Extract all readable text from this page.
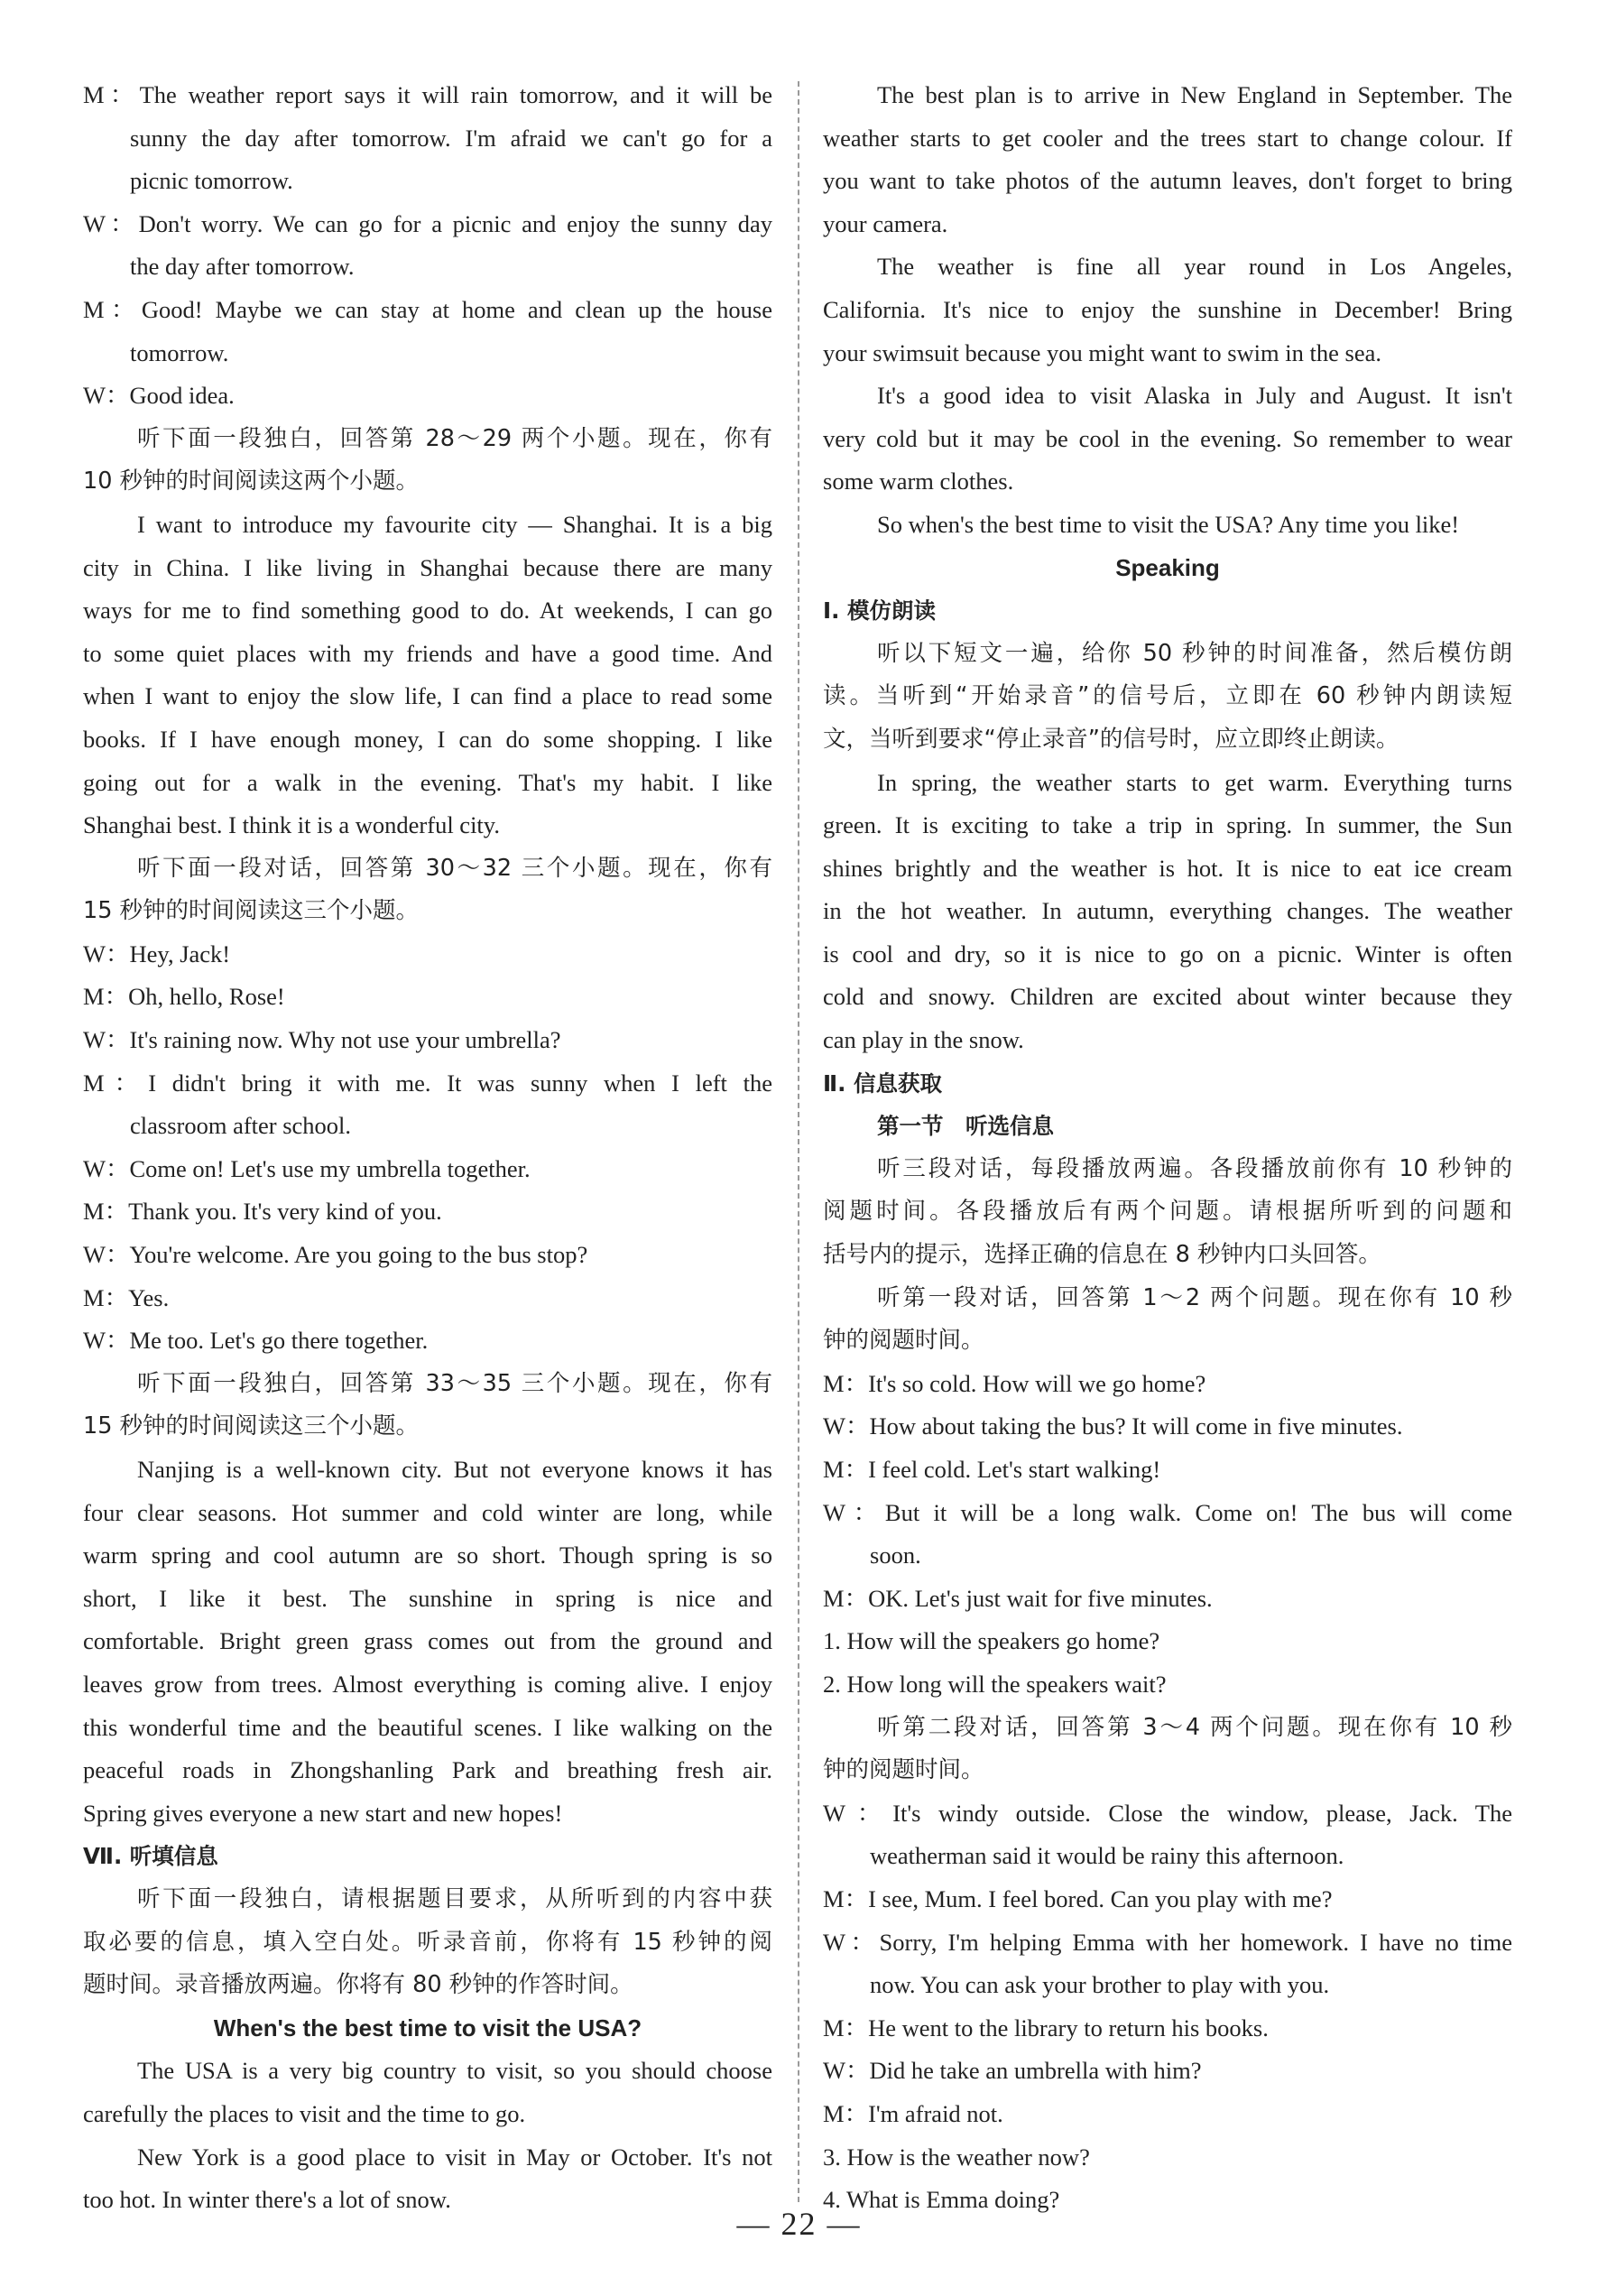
M：The weather report says it will rain tomorrow, and it will be
sunny the day after tomorrow. I'm afraid we can't go for a
picnic tomorrow.
W：Don't worry. We can go for a picnic and enjoy the sunny day
the day after tomorrow.
M：Good! Maybe we can stay at home and clean up the house
tomorrow.
W：Good idea.
听下面一段独白，回答第 28～29 两个小题。现在，你有
10 秒钟的时间阅读这两个小题。
I want to introduce my favourite city — Shanghai. It is a big
city in China. I like living in Shanghai because there are many
ways for me to find something good to do. At weekends, I can go
to some quiet places with my friends and have a good time. And
when I want to enjoy the slow life, I can find a place to read some
books. If I have enough money, I can do some shopping. I like
going out for a walk in the evening. That's my habit. I like
Shanghai best. I think it is a wonderful city.
听下面一段对话，回答第 30～32 三个小题。现在，你有
15 秒钟的时间阅读这三个小题。
W：Hey, Jack!
M：Oh, hello, Rose!
W：It's raining now. Why not use your umbrella?
M：I didn't bring it with me. It was sunny when I left the
classroom after school.
W：Come on! Let's use my umbrella together.
M：Thank you. It's very kind of you.
W：You're welcome. Are you going to the bus stop?
M：Yes.
W：Me too. Let's go there together.
听下面一段独白，回答第 33～35 三个小题。现在，你有
15 秒钟的时间阅读这三个小题。
Nanjing is a well-known city. But not everyone knows it has
four clear seasons. Hot summer and cold winter are long, while
warm spring and cool autumn are so short. Though spring is so
short, I like it best. The sunshine in spring is nice and
comfortable. Bright green grass comes out from the ground and
leaves grow from trees. Almost everything is coming alive. I enjoy
this wonderful time and the beautiful scenes. I like walking on the
peaceful roads in Zhongshanling Park and breathing fresh air.
Spring gives everyone a new start and new hopes!
Ⅶ. 听填信息
听下面一段独白，请根据题目要求，从所听到的内容中获
取必要的信息，填入空白处。听录音前，你将有 15 秒钟的阅
题时间。录音播放两遍。你将有 80 秒钟的作答时间。
When's the best time to visit the USA?
The USA is a very big country to visit, so you should choose
carefully the places to visit and the time to go.
New York is a good place to visit in May or October. It's not
too hot. In winter there's a lot of snow.
The best plan is to arrive in New England in September. The
weather starts to get cooler and the trees start to change colour. If
you want to take photos of the autumn leaves, don't forget to bring
your camera.
The weather is fine all year round in Los Angeles,
California. It's nice to enjoy the sunshine in December! Bring
your swimsuit because you might want to swim in the sea.
It's a good idea to visit Alaska in July and August. It isn't
very cold but it may be cool in the evening. So remember to wear
some warm clothes.
So when's the best time to visit the USA? Any time you like!
Speaking
Ⅰ. 模仿朗读
听以下短文一遍，给你 50 秒钟的时间准备，然后模仿朗
读。当听到“开始录音”的信号后，立即在 60 秒钟内朗读短
文，当听到要求“停止录音”的信号时，应立即终止朗读。
In spring, the weather starts to get warm. Everything turns
green. It is exciting to take a trip in spring. In summer, the Sun
shines brightly and the weather is hot. It is nice to eat ice cream
in the hot weather. In autumn, everything changes. The weather
is cool and dry, so it is nice to go on a picnic. Winter is often
cold and snowy. Children are excited about winter because they
can play in the snow.
Ⅱ. 信息获取
第一节　听选信息
听三段对话，每段播放两遍。各段播放前你有 10 秒钟的
阅题时间。各段播放后有两个问题。请根据所听到的问题和
括号内的提示，选择正确的信息在 8 秒钟内口头回答。
听第一段对话，回答第 1～2 两个问题。现在你有 10 秒
钟的阅题时间。
M：It's so cold. How will we go home?
W：How about taking the bus? It will come in five minutes.
M：I feel cold. Let's start walking!
W：But it will be a long walk. Come on! The bus will come
soon.
M：OK. Let's just wait for five minutes.
1. How will the speakers go home?
2. How long will the speakers wait?
听第二段对话，回答第 3～4 两个问题。现在你有 10 秒
钟的阅题时间。
W：It's windy outside. Close the window, please, Jack. The
weatherman said it would be rainy this afternoon.
M：I see, Mum. I feel bored. Can you play with me?
W：Sorry, I'm helping Emma with her homework. I have no time
now. You can ask your brother to play with you.
M：He went to the library to return his books.
W：Did he take an umbrella with him?
M：I'm afraid not.
3. How is the weather now?
4. What is Emma doing?
— 22 —
